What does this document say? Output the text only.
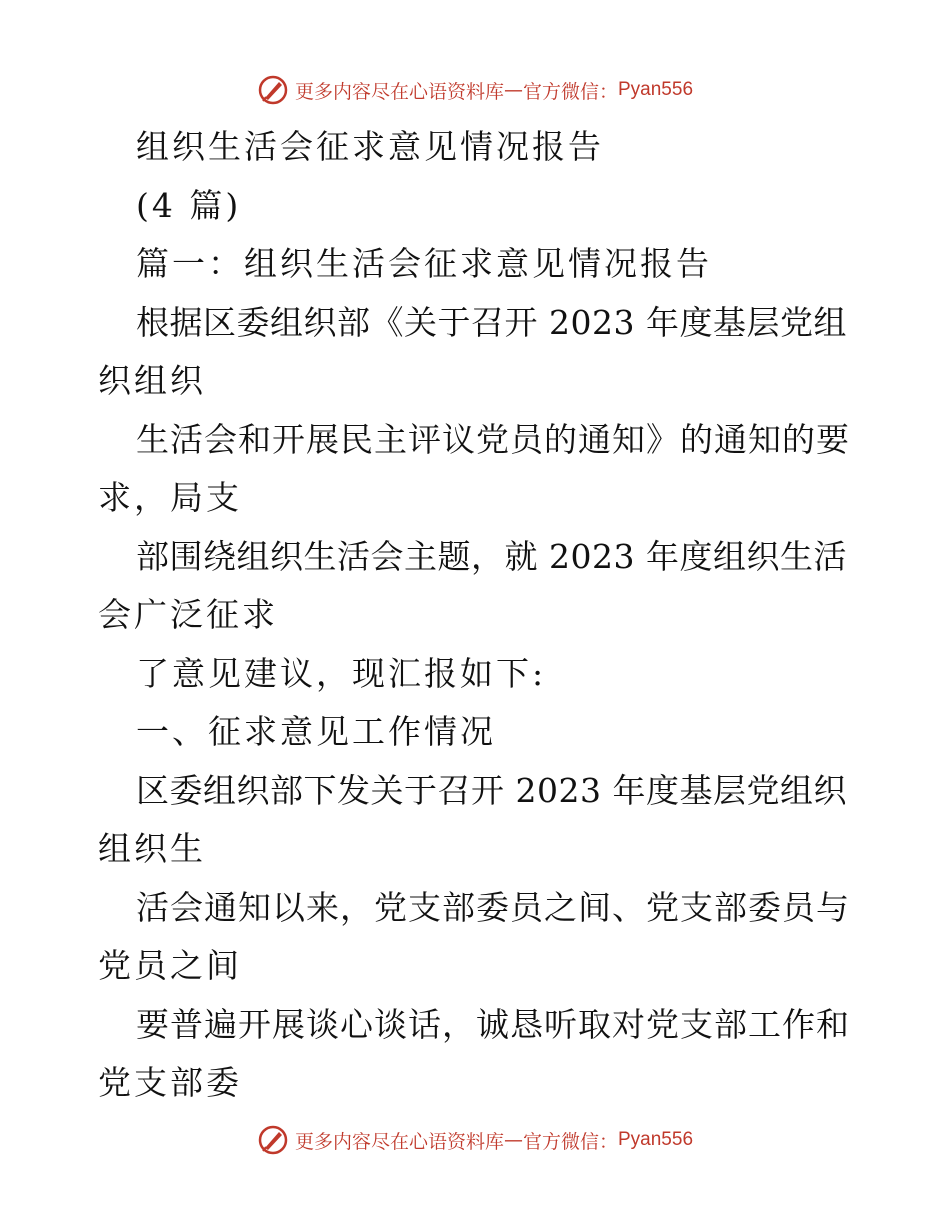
更多内容尽在心语资料库 — 官方微信： Pyan556
组织生活会征求意见情况报告
(4 篇)
篇一：组织生活会征求意见情况报告
根据区委组织部《关于召开 2023 年度基层党组
织组织
生活会和开展民主评议党员的通知》的通知的要
求，局支
部围绕组织生活会主题，就 2023 年度组织生活
会广泛征求
了意见建议，现汇报如下:
一、征求意见工作情况
区委组织部下发关于召开 2023 年度基层党组织
组织生
活会通知以来，党支部委员之间、党支部委员与
党员之间
要普遍开展谈心谈话，诚恳听取对党支部工作和
党支部委
更多内容尽在心语资料库 — 官方微信： Pyan556
